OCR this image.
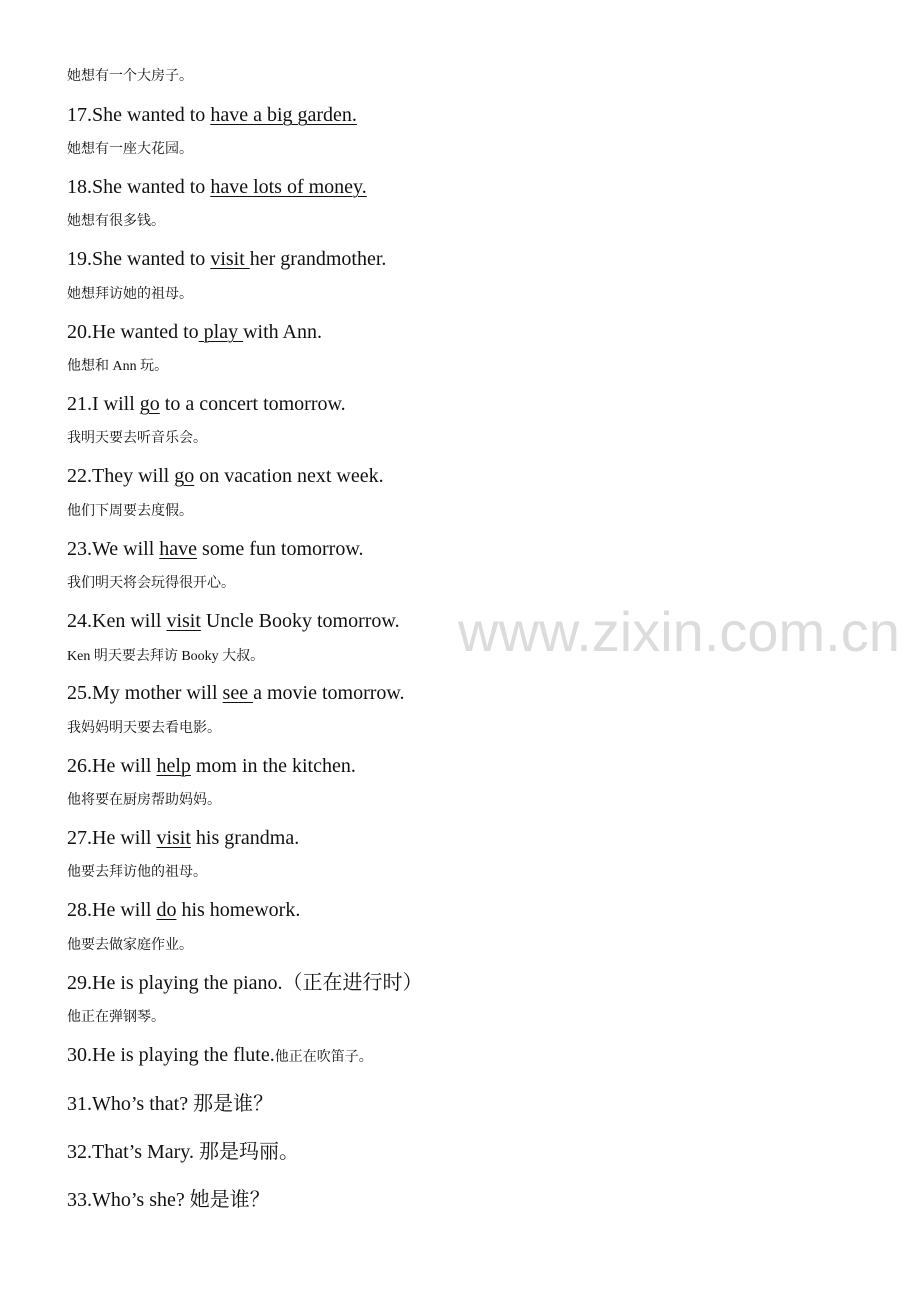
她想有一个大房子。
17.She wanted to have a big garden.
她想有一座大花园。
18.She wanted to have lots of money.
她想有很多钱。
19.She wanted to visit her grandmother.
她想拜访她的祖母。
20.He wanted to play with Ann.
他想和 Ann 玩。
21.I will go to a concert tomorrow.
我明天要去听音乐会。
22.They will go on vacation next week.
他们下周要去度假。
23.We will have some fun tomorrow.
我们明天将会玩得很开心。
24.Ken will visit Uncle Booky tomorrow.
Ken 明天要去拜访 Booky 大叔。
25.My mother will see a movie tomorrow.
我妈妈明天要去看电影。
26.He will help mom in the kitchen.
他将要在厨房帮助妈妈。
27.He will visit his grandma.
他要去拜访他的祖母。
28.He will do his homework.
他要去做家庭作业。
29.He is playing the piano.（正在进行时）
他正在弹钢琴。
30.He is playing the flute.他正在吹笛子。
31.Who’s that? 那是谁？
32.That’s Mary. 那是玛丽。
33.Who’s she? 她是谁？
www.zixin.com.cn
